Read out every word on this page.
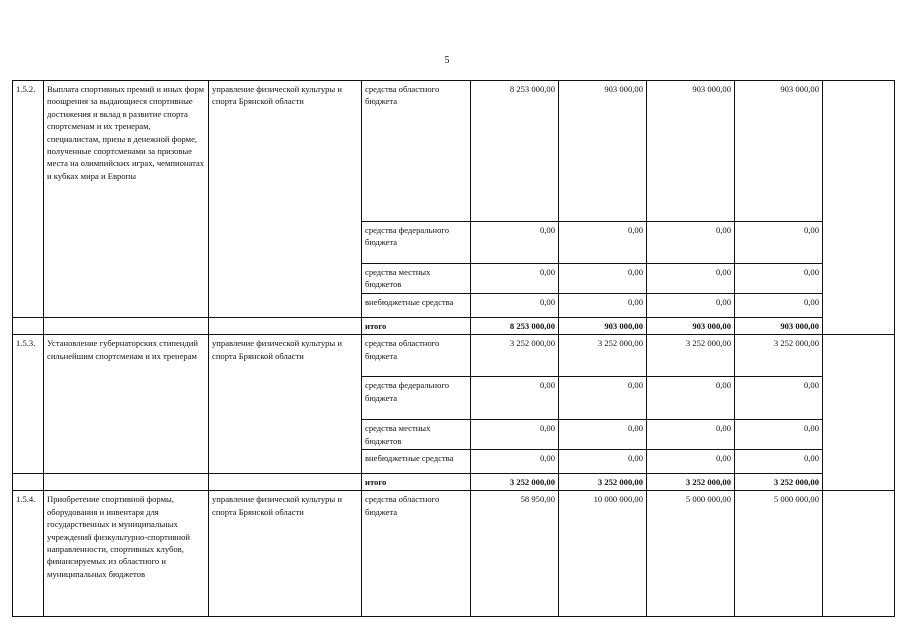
5
1.5.2.	Выплата спортивных премий и иных форм поощрения за выдающиеся спортивные достижения и вклад в развитие спорта спортсменам и их тренерам, специалистам, призы в денежной форме, полученные спортсменами за призовые места на олимпийских играх, чемпионатах и кубках мира и Европы	управление физической культуры и спорта Брянской области	средства областного бюджета	8 253 000,00	903 000,00	903 000,00	903 000,00	
			средства федерального бюджета	0,00	0,00	0,00	0,00	
			средства местных бюджетов	0,00	0,00	0,00	0,00	
			внебюджетные средства	0,00	0,00	0,00	0,00	
			итого	8 253 000,00	903 000,00	903 000,00	903 000,00	
1.5.3.	Установление губернаторских стипендий сильнейшим спортсменам и их тренерам	управление физической культуры и спорта Брянской области	средства областного бюджета	3 252 000,00	3 252 000,00	3 252 000,00	3 252 000,00	
			средства федерального бюджета	0,00	0,00	0,00	0,00	
			средства местных бюджетов	0,00	0,00	0,00	0,00	
			внебюджетные средства	0,00	0,00	0,00	0,00	
			итого	3 252 000,00	3 252 000,00	3 252 000,00	3 252 000,00	
1.5.4.	Приобретение спортивной формы, оборудования и инвентаря для государственных и муниципальных учреждений физкультурно-спортивной направленности, спортивных клубов, финансируемых из областного и муниципальных бюджетов	управление физической культуры и спорта Брянской области	средства областного бюджета	58 950,00	10 000 000,00	5 000 000,00	5 000 000,00	
